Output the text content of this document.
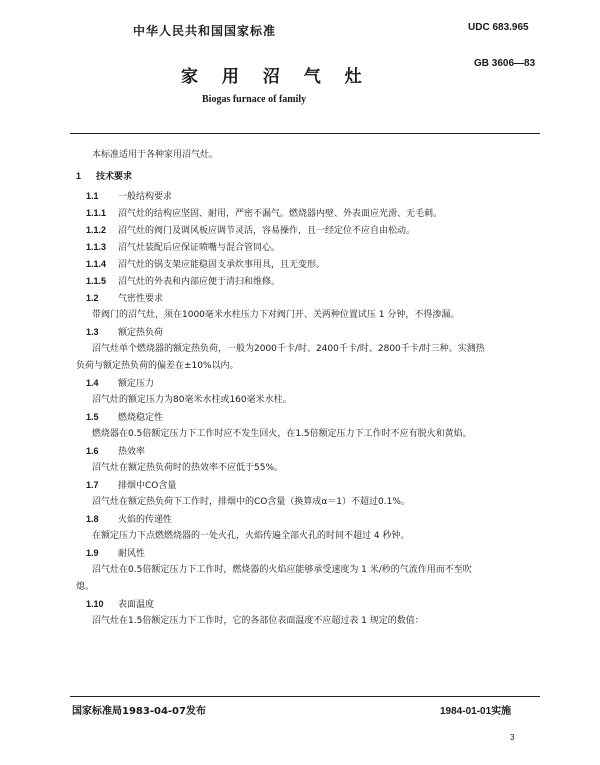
中华人民共和国国家标准	UDC 683.965
家 用 沼 气 灶
GB 3606—83
Biogas furnace of family
本标准适用于各种家用沼气灶。
1 技术要求
1.1 一般结构要求
1.1.1 沼气灶的结构应坚固、耐用，严密不漏气。燃烧器内壁、外表面应光滑、无毛刺。
1.1.2 沼气灶的阀门及调风板应调节灵活，容易操作，且一经定位不应自由松动。
1.1.3 沼气灶装配后应保证喷嘴与混合管同心。
1.1.4 沼气灶的锅支架应能稳固支承炊事用具，且无变形。
1.1.5 沼气灶的外表和内部应便于清扫和维修。
1.2 气密性要求
带阀门的沼气灶，须在1000毫米水柱压力下对阀门开、关两种位置试压 1 分钟，不得渗漏。
1.3 额定热负荷
沼气灶单个燃烧器的额定热负荷，一般为2000千卡/时、2400千卡/时、2800千卡/时三种。实测热
负荷与额定热负荷的偏差在±10%以内。
1.4 额定压力
沼气灶的额定压力为80毫米水柱或160毫米水柱。
1.5 燃烧稳定性
燃烧器在0.5倍额定压力下工作时应不发生回火，在1.5倍额定压力下工作时不应有脱火和黄焰。
1.6 热效率
沼气灶在额定热负荷时的热效率不应低于55%。
1.7 排烟中CO含量
沼气灶在额定热负荷下工作时，排烟中的CO含量（换算成α＝1）不超过0.1%。
1.8 火焰的传递性
在额定压力下点燃燃烧器的一处火孔，火焰传遍全部火孔的时间不超过 4 秒钟。
1.9 耐风性
沼气灶在0.5倍额定压力下工作时，燃烧器的火焰应能够承受速度为 1 米/秒的气流作用而不至吹
熄。
1.10 表面温度
沼气灶在1.5倍额定压力下工作时，它的各部位表面温度不应超过表 1 规定的数值：
国家标准局1983-04-07发布	1984-01-01实施
3
